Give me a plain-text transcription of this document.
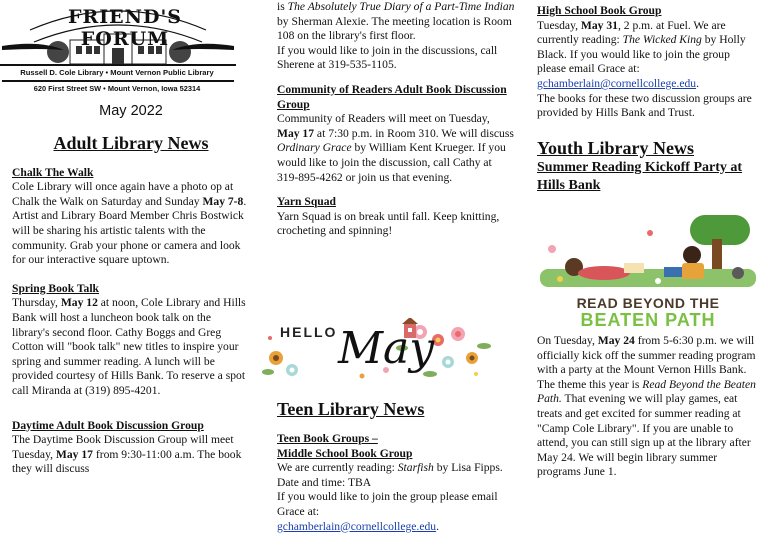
FRIEND'S FORUM
Russell D. Cole Library • Mount Vernon Public Library
620 First Street SW • Mount Vernon, Iowa 52314

May 2022

Adult Library News

Chalk The Walk

Cole Library will once again have a photo op at Chalk the Walk on Saturday and Sunday May 7-8. Artist and Library Board Member Chris Bostwick will be sharing his artistic talents with the community. Grab your phone or camera and look for our interactive square uptown.

Spring Book Talk

Thursday, May 12 at noon, Cole Library and Hills Bank will host a luncheon book talk on the library's second floor. Cathy Boggs and Greg Cotton will "book talk" new titles to inspire your spring and summer reading. A lunch will be provided courtesy of Hills Bank. To reserve a spot call Miranda at (319) 895-4201.

Daytime Adult Book Discussion Group

The Daytime Book Discussion Group will meet Tuesday, May 17 from 9:30-11:00 a.m. The book they will discuss

is The Absolutely True Diary of a Part-Time Indian by Sherman Alexie. The meeting location is Room 108 on the library's first floor.

If you would like to join in the discussions, call Sherene at 319-535-1105.

Community of Readers Adult Book Discussion Group

Community of Readers will meet on Tuesday, May 17 at 7:30 p.m. in Room 310. We will discuss Ordinary Grace by William Kent Krueger. If you would like to join the discussion, call Cathy at 319-895-4262 or join us that evening.

Yarn Squad

Yarn Squad is on break until fall. Keep knitting, crocheting and spinning!

HELLO May

Teen Library News

Teen Book Groups –

Middle School Book Group

We are currently reading: Starfish by Lisa Fipps. Date and time: TBA

If you would like to join the group please email Grace at:

gchamberlain@cornellcollege.edu.

High School Book Group

Tuesday, May 31, 2 p.m. at Fuel. We are currently reading: The Wicked King by Holly Black. If you would like to join the group please email Grace at:

gchamberlain@cornellcollege.edu.

The books for these two discussion groups are provided by Hills Bank and Trust.

Youth Library News

Summer Reading Kickoff Party at Hills Bank

READ BEYOND THE
BEATEN PATH

On Tuesday, May 24 from 5-6:30 p.m. we will officially kick off the summer reading program with a party at the Mount Vernon Hills Bank. The theme this year is Read Beyond the Beaten Path. That evening we will play games, eat treats and get excited for summer reading at "Camp Cole Library". If you are unable to attend, you can still sign up at the library after May 24. We will begin library summer programs June 1.
